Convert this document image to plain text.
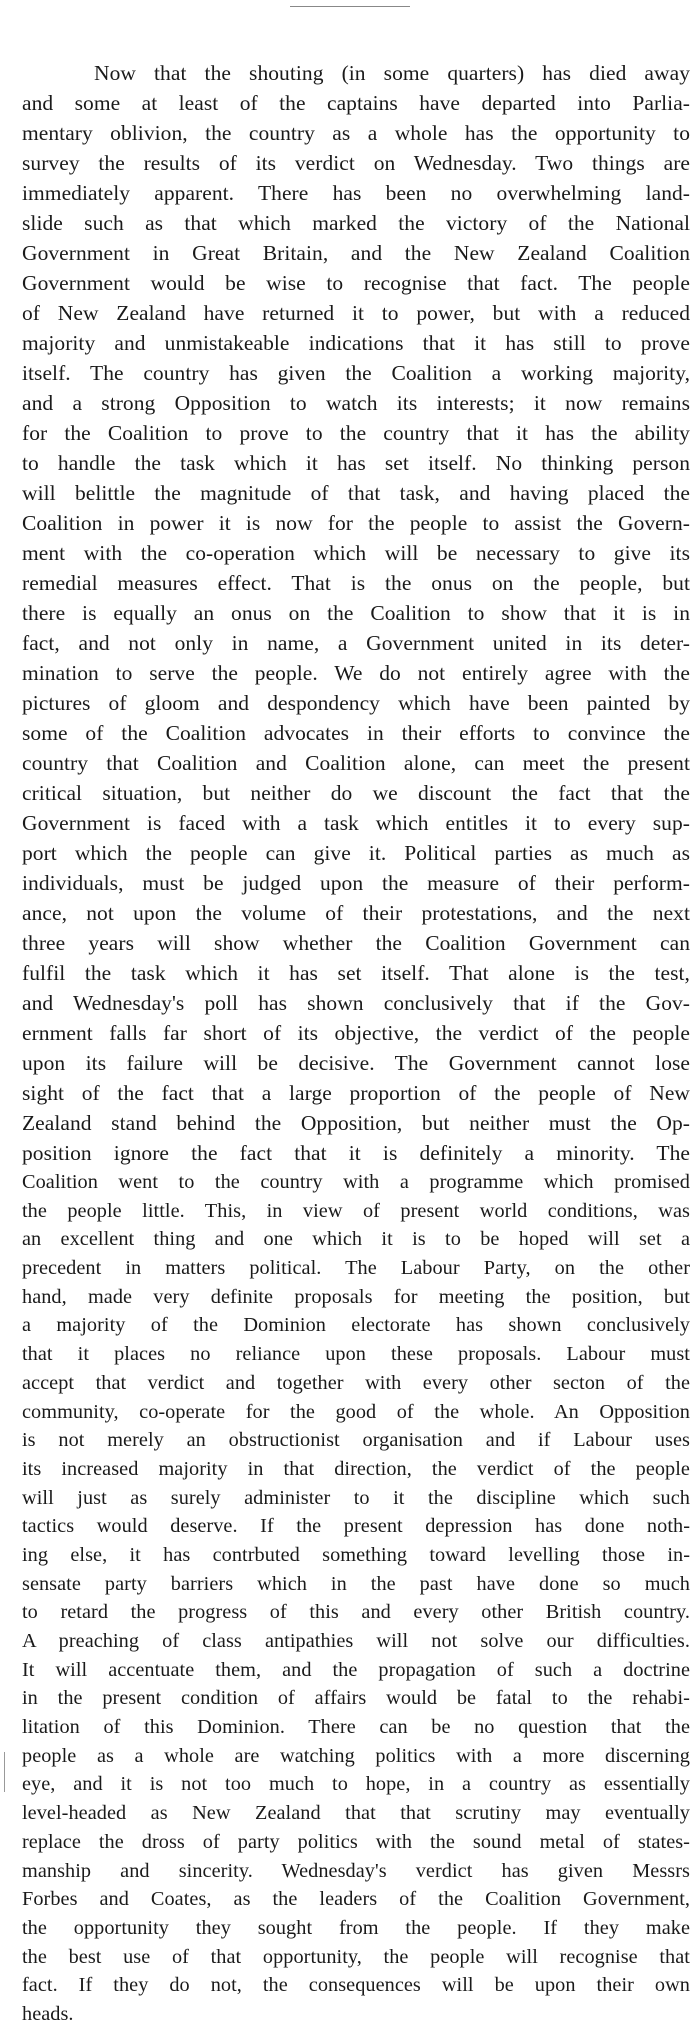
Now that the shouting (in some quarters) has died away
and some at least of the captains have departed into Parlia-
mentary oblivion, the country as a whole has the opportunity to
survey the results of its verdict on Wednesday. Two things are
immediately apparent. There has been no overwhelming land-
slide such as that which marked the victory of the National
Government in Great Britain, and the New Zealand Coalition
Government would be wise to recognise that fact. The people
of New Zealand have returned it to power, but with a reduced
majority and unmistakeable indications that it has still to prove
itself. The country has given the Coalition a working majority,
and a strong Opposition to watch its interests; it now remains
for the Coalition to prove to the country that it has the ability
to handle the task which it has set itself. No thinking person
will belittle the magnitude of that task, and having placed the
Coalition in power it is now for the people to assist the Govern-
ment with the co-operation which will be necessary to give its
remedial measures effect. That is the onus on the people, but
there is equally an onus on the Coalition to show that it is in
fact, and not only in name, a Government united in its deter-
mination to serve the people. We do not entirely agree with the
pictures of gloom and despondency which have been painted by
some of the Coalition advocates in their efforts to convince the
country that Coalition and Coalition alone, can meet the present
critical situation, but neither do we discount the fact that the
Government is faced with a task which entitles it to every sup-
port which the people can give it. Political parties as much as
individuals, must be judged upon the measure of their perform-
ance, not upon the volume of their protestations, and the next
three years will show whether the Coalition Government can
fulfil the task which it has set itself. That alone is the test,
and Wednesday's poll has shown conclusively that if the Gov-
ernment falls far short of its objective, the verdict of the people
upon its failure will be decisive. The Government cannot lose
sight of the fact that a large proportion of the people of New
Zealand stand behind the Opposition, but neither must the Op-
position ignore the fact that it is definitely a minority. The
Coalition went to the country with a programme which promised
the people little. This, in view of present world conditions, was
an excellent thing and one which it is to be hoped will set a
precedent in matters political. The Labour Party, on the other
hand, made very definite proposals for meeting the position, but
a majority of the Dominion electorate has shown conclusively
that it places no reliance upon these proposals. Labour must
accept that verdict and together with every other secton of the
community, co-operate for the good of the whole. An Opposition
is not merely an obstructionist organisation and if Labour uses
its increased majority in that direction, the verdict of the people
will just as surely administer to it the discipline which such
tactics would deserve. If the present depression has done noth-
ing else, it has contrbuted something toward levelling those in-
sensate party barriers which in the past have done so much
to retard the progress of this and every other British country.
A preaching of class antipathies will not solve our difficulties.
It will accentuate them, and the propagation of such a doctrine
in the present condition of affairs would be fatal to the rehabi-
litation of this Dominion. There can be no question that the
people as a whole are watching politics with a more discerning
eye, and it is not too much to hope, in a country as essentially
level-headed as New Zealand that that scrutiny may eventually
replace the dross of party politics with the sound metal of states-
manship and sincerity. Wednesday's verdict has given Messrs
Forbes and Coates, as the leaders of the Coalition Government,
the opportunity they sought from the people. If they make
the best use of that opportunity, the people will recognise that
fact. If they do not, the consequences will be upon their own
heads.
